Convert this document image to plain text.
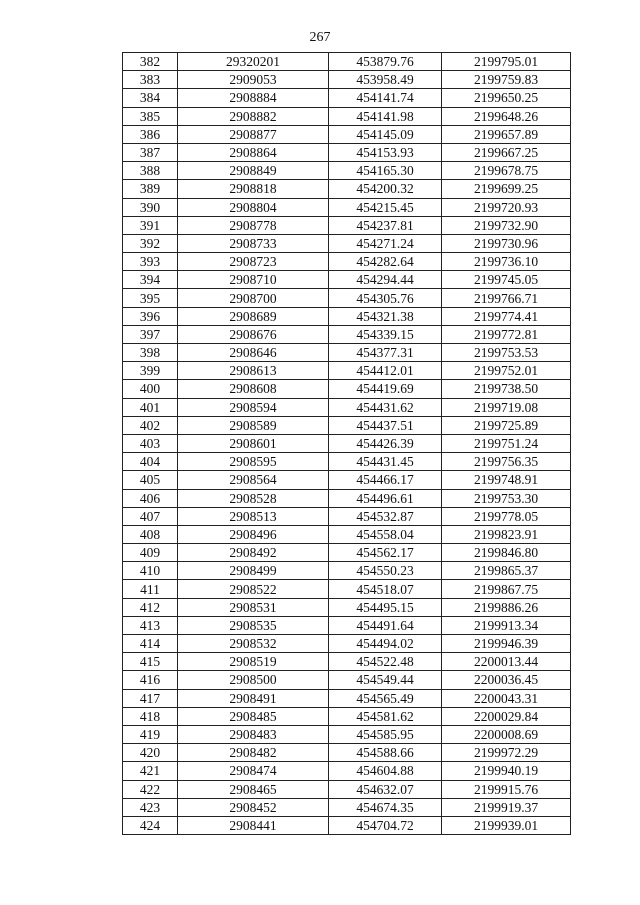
267
382	29320201	453879.76	2199795.01
383	2909053	453958.49	2199759.83
384	2908884	454141.74	2199650.25
385	2908882	454141.98	2199648.26
386	2908877	454145.09	2199657.89
387	2908864	454153.93	2199667.25
388	2908849	454165.30	2199678.75
389	2908818	454200.32	2199699.25
390	2908804	454215.45	2199720.93
391	2908778	454237.81	2199732.90
392	2908733	454271.24	2199730.96
393	2908723	454282.64	2199736.10
394	2908710	454294.44	2199745.05
395	2908700	454305.76	2199766.71
396	2908689	454321.38	2199774.41
397	2908676	454339.15	2199772.81
398	2908646	454377.31	2199753.53
399	2908613	454412.01	2199752.01
400	2908608	454419.69	2199738.50
401	2908594	454431.62	2199719.08
402	2908589	454437.51	2199725.89
403	2908601	454426.39	2199751.24
404	2908595	454431.45	2199756.35
405	2908564	454466.17	2199748.91
406	2908528	454496.61	2199753.30
407	2908513	454532.87	2199778.05
408	2908496	454558.04	2199823.91
409	2908492	454562.17	2199846.80
410	2908499	454550.23	2199865.37
411	2908522	454518.07	2199867.75
412	2908531	454495.15	2199886.26
413	2908535	454491.64	2199913.34
414	2908532	454494.02	2199946.39
415	2908519	454522.48	2200013.44
416	2908500	454549.44	2200036.45
417	2908491	454565.49	2200043.31
418	2908485	454581.62	2200029.84
419	2908483	454585.95	2200008.69
420	2908482	454588.66	2199972.29
421	2908474	454604.88	2199940.19
422	2908465	454632.07	2199915.76
423	2908452	454674.35	2199919.37
424	2908441	454704.72	2199939.01
